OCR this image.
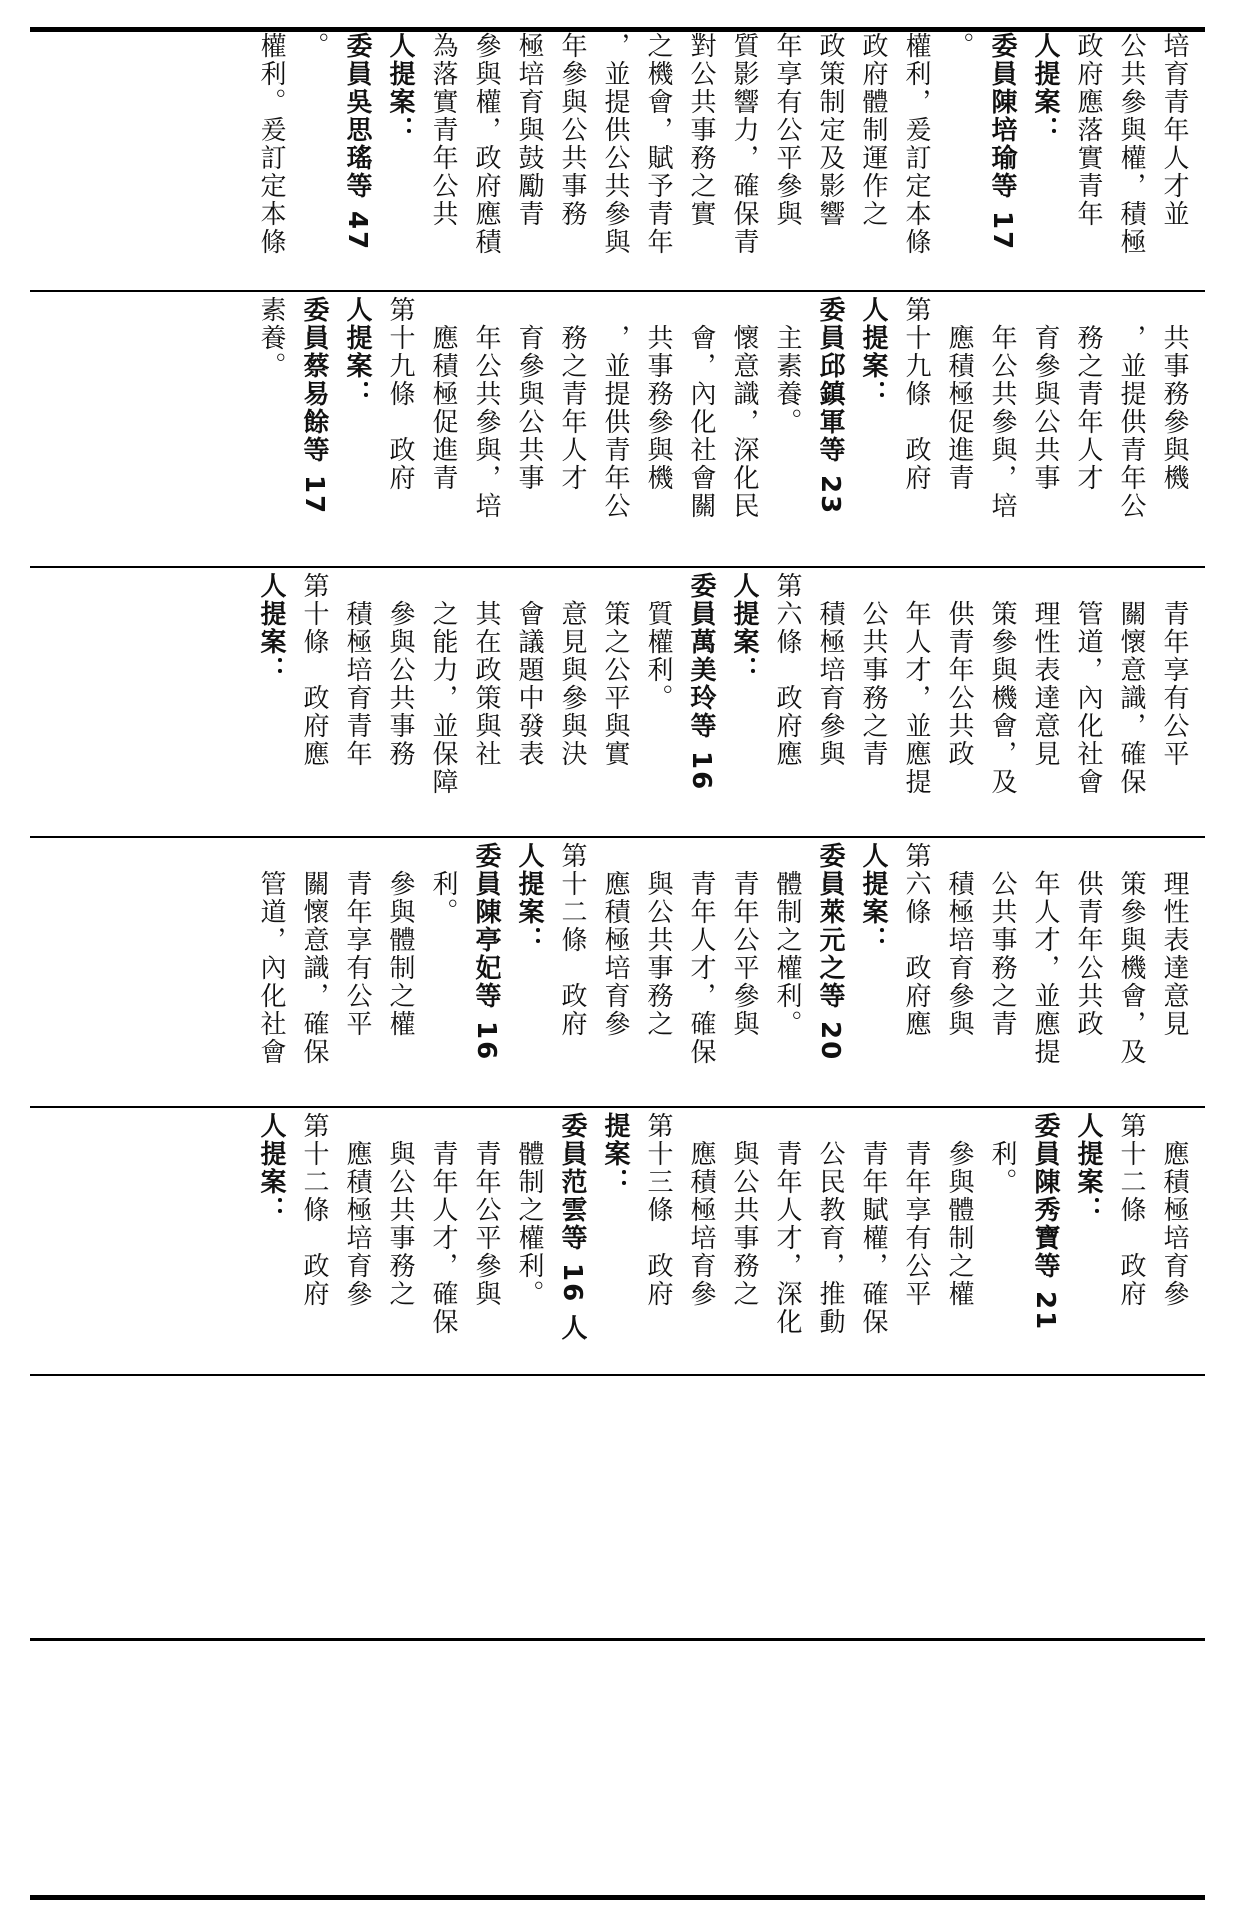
培育青年人才並
公共參與權，積極
政府應落實青年
人提案：
委員陳培瑜等 17
。
權利，爰訂定本條
政府體制運作之
政策制定及影響
年享有公平參與
質影響力，確保青
對公共事務之實
之機會，賦予青年
，並提供公共參與
年參與公共事務
極培育與鼓勵青
參與權，政府應積
為落實青年公共
人提案：
委員吳思瑤等 47
。
權利。爰訂定本條
　共事務參與機
　，並提供青年公
　務之青年人才
　育參與公共事
　年公共參與，培
　應積極促進青
第十九條　政府
人提案：
委員邱鎮軍等 23
　主素養。
　懷意識，深化民
　會，內化社會關
　共事務參與機
　，並提供青年公
　務之青年人才
　育參與公共事
　年公共參與，培
　應積極促進青
第十九條　政府
人提案：
委員蔡易餘等 17
素養。
　青年享有公平
　關懷意識，確保
　管道，內化社會
　理性表達意見
　策參與機會，及
　供青年公共政
　年人才，並應提
　公共事務之青
　積極培育參與
第六條　政府應
人提案：
委員萬美玲等 16
　質權利。
　策之公平與實
　意見與參與決
　會議題中發表
　其在政策與社
　之能力，並保障
　參與公共事務
　積極培育青年
第十條　政府應
人提案：
　理性表達意見
　策參與機會，及
　供青年公共政
　年人才，並應提
　公共事務之青
　積極培育參與
第六條　政府應
人提案：
委員萊元之等 20
　體制之權利。
　青年公平參與
　青年人才，確保
　與公共事務之
　應積極培育參
第十二條　政府
人提案：
委員陳亭妃等 16
　利。
　參與體制之權
　青年享有公平
　關懷意識，確保
　管道，內化社會
　應積極培育參
第十二條　政府
人提案：
委員陳秀寶等 21
　利。
　參與體制之權
　青年享有公平
　青年賦權，確保
　公民教育，推動
　青年人才，深化
　與公共事務之
　應積極培育參
第十三條　政府
提案：
委員范雲等 16 人
　體制之權利。
　青年公平參與
　青年人才，確保
　與公共事務之
　應積極培育參
第十二條　政府
人提案：
